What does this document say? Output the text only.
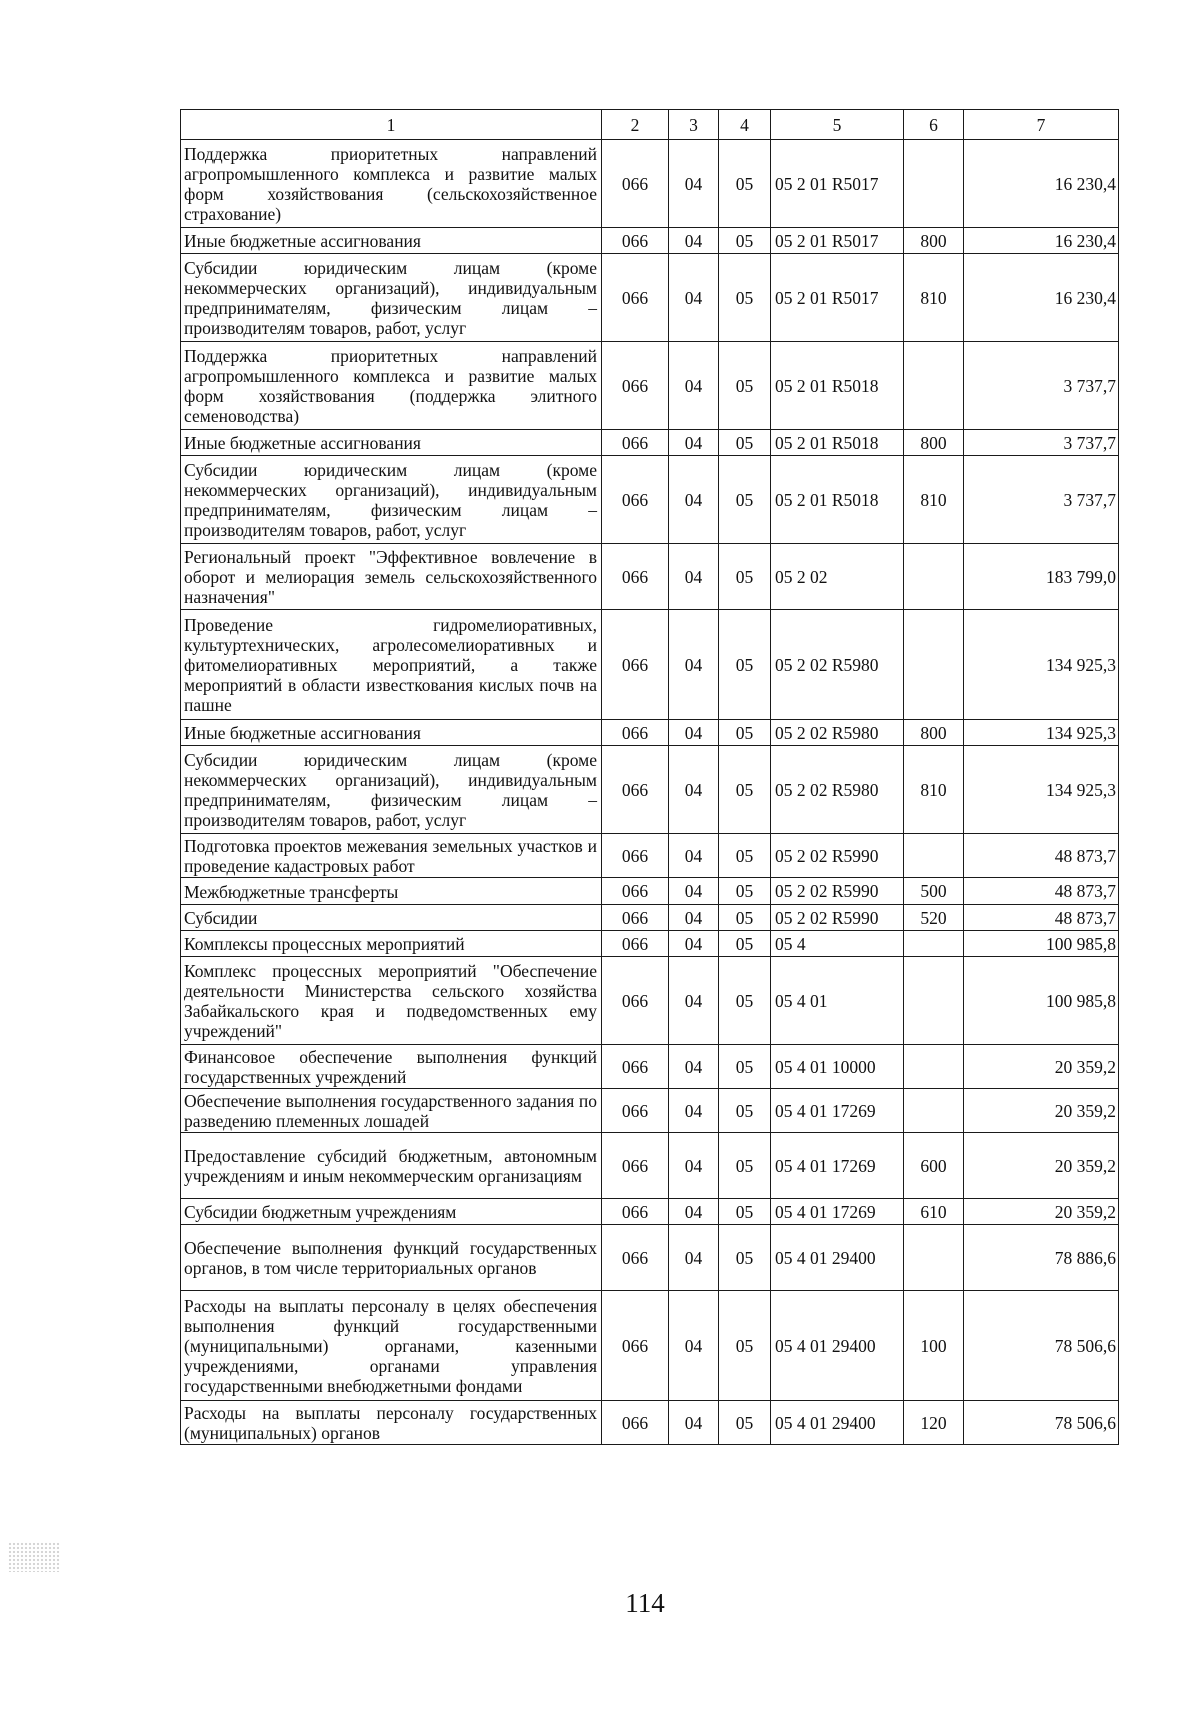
1	2	3	4	5	6	7
Поддержка приоритетных направлений агропромышленного комплекса и развитие малых форм хозяйствования (сельскохозяйственное страхование)	066	04	05	05 2 01 R5017		16 230,4
Иные бюджетные ассигнования	066	04	05	05 2 01 R5017	800	16 230,4
Субсидии юридическим лицам (кроме некоммерческих организаций), индивидуальным предпринимателям, физическим лицам – производителям товаров, работ, услуг	066	04	05	05 2 01 R5017	810	16 230,4
Поддержка приоритетных направлений агропромышленного комплекса и развитие малых форм хозяйствования (поддержка элитного семеноводства)	066	04	05	05 2 01 R5018		3 737,7
Иные бюджетные ассигнования	066	04	05	05 2 01 R5018	800	3 737,7
Субсидии юридическим лицам (кроме некоммерческих организаций), индивидуальным предпринимателям, физическим лицам – производителям товаров, работ, услуг	066	04	05	05 2 01 R5018	810	3 737,7
Региональный проект "Эффективное вовлечение в оборот и мелиорация земель сельскохозяйственного назначения"	066	04	05	05 2 02		183 799,0
Проведение гидромелиоративных, культуртехнических, агролесомелиоративных и фитомелиоративных мероприятий, а также мероприятий в области известкования кислых почв на пашне	066	04	05	05 2 02 R5980		134 925,3
Иные бюджетные ассигнования	066	04	05	05 2 02 R5980	800	134 925,3
Субсидии юридическим лицам (кроме некоммерческих организаций), индивидуальным предпринимателям, физическим лицам – производителям товаров, работ, услуг	066	04	05	05 2 02 R5980	810	134 925,3
Подготовка проектов межевания земельных участков и проведение кадастровых работ	066	04	05	05 2 02 R5990		48 873,7
Межбюджетные трансферты	066	04	05	05 2 02 R5990	500	48 873,7
Субсидии	066	04	05	05 2 02 R5990	520	48 873,7
Комплексы процессных мероприятий	066	04	05	05 4		100 985,8
Комплекс процессных мероприятий "Обеспечение деятельности Министерства сельского хозяйства Забайкальского края и подведомственных ему учреждений"	066	04	05	05 4 01		100 985,8
Финансовое обеспечение выполнения функций государственных учреждений	066	04	05	05 4 01 10000		20 359,2
Обеспечение выполнения государственного задания по разведению племенных лошадей	066	04	05	05 4 01 17269		20 359,2
Предоставление субсидий бюджетным, автономным учреждениям и иным некоммерческим организациям	066	04	05	05 4 01 17269	600	20 359,2
Субсидии бюджетным учреждениям	066	04	05	05 4 01 17269	610	20 359,2
Обеспечение выполнения функций государственных органов, в том числе территориальных органов	066	04	05	05 4 01 29400		78 886,6
Расходы на выплаты персоналу в целях обеспечения выполнения функций государственными (муниципальными) органами, казенными учреждениями, органами управления государственными внебюджетными фондами	066	04	05	05 4 01 29400	100	78 506,6
Расходы на выплаты персоналу государственных (муниципальных) органов	066	04	05	05 4 01 29400	120	78 506,6
114
